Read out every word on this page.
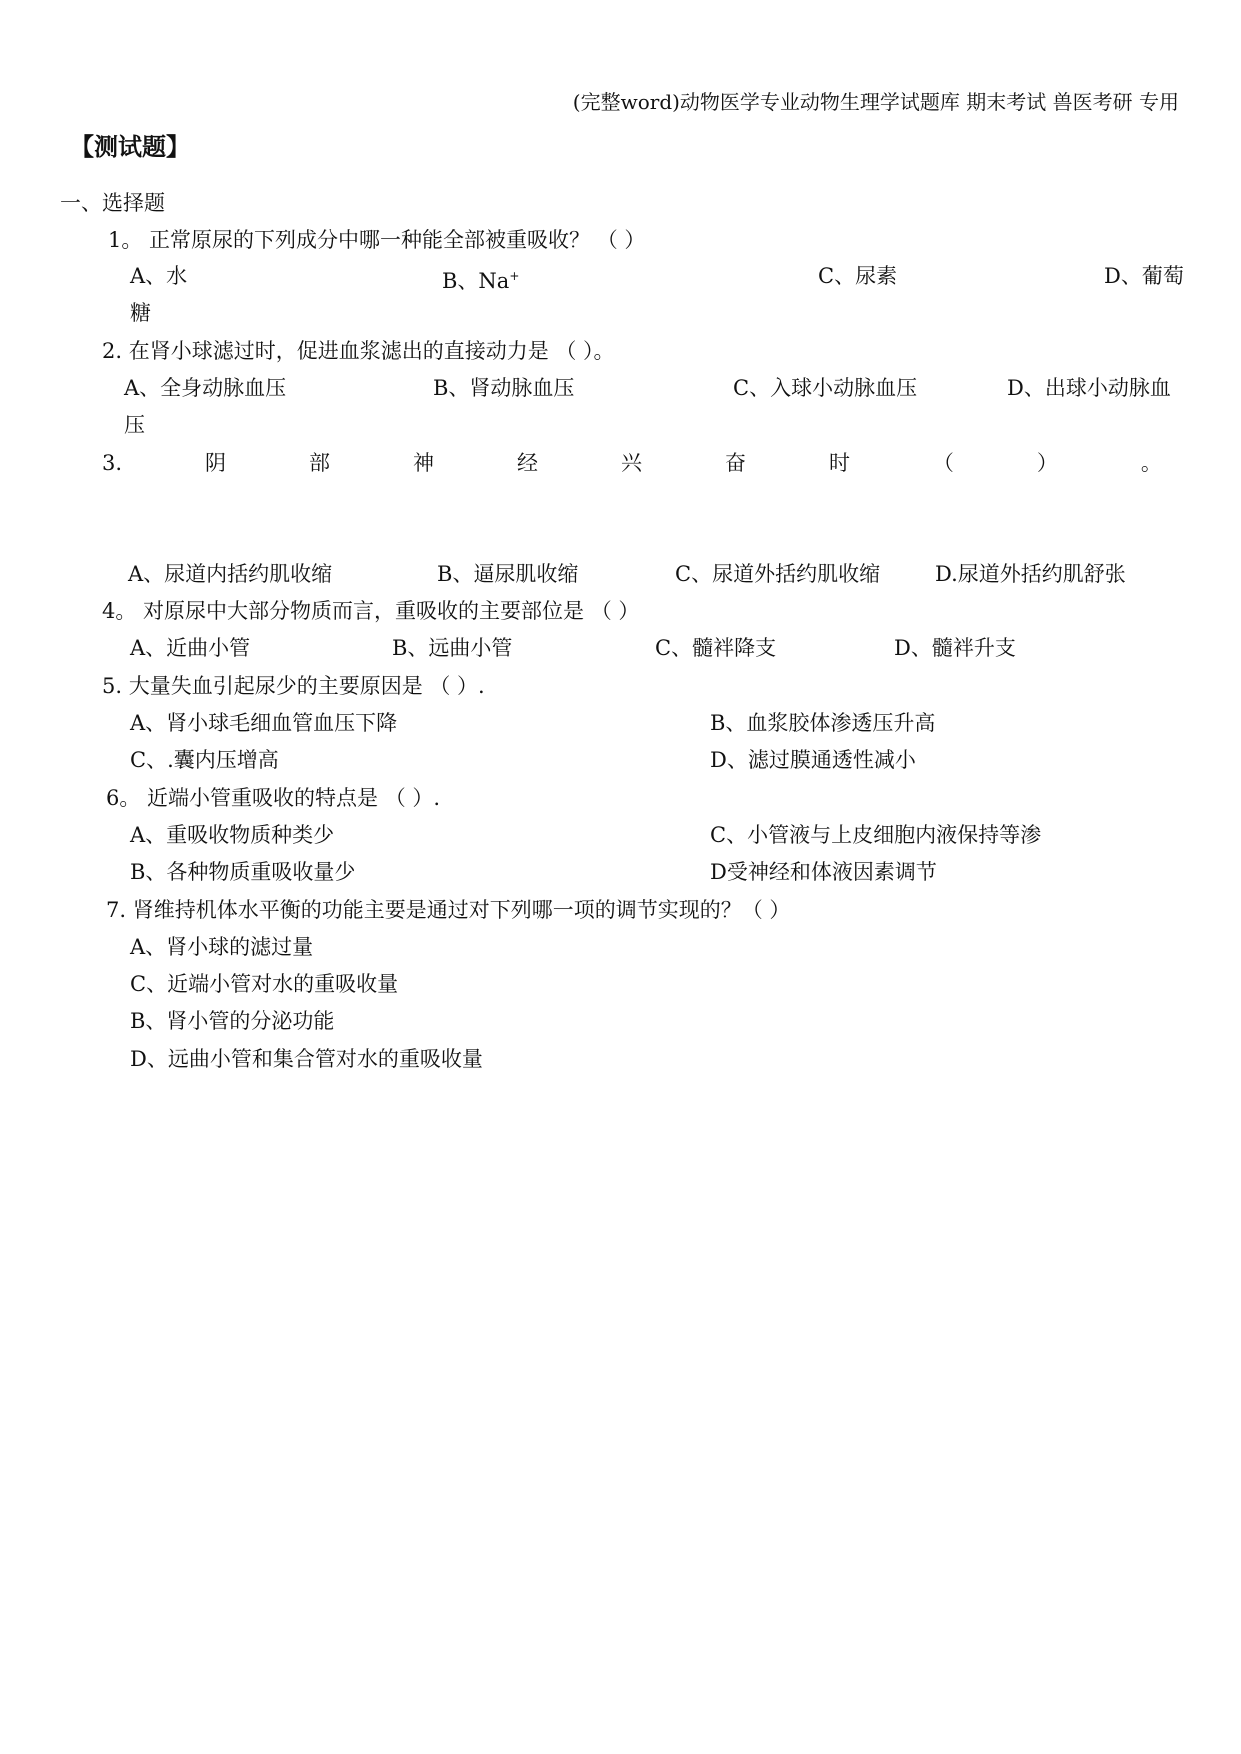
(完整word)动物医学专业动物生理学试题库 期末考试 兽医考研 专用
【测试题】
一、选择题
1。 正常原尿的下列成分中哪一种能全部被重吸收？ （ ）
A、水	B、Na+	C、尿素	D、葡萄
糖
2. 在肾小球滤过时，促进血浆滤出的直接动力是 （ ）。
A、全身动脉血压	B、肾动脉血压	C、入球小动脉血压	D、出球小动脉血
压
3.	阴	部	神	经	兴	奋	时	（	）	。
A、尿道内括约肌收缩	B、逼尿肌收缩	C、尿道外括约肌收缩	D.尿道外括约肌舒张
4。 对原尿中大部分物质而言，重吸收的主要部位是 （ ）
A、近曲小管	B、远曲小管	C、髓袢降支	D、髓袢升支
5. 大量失血引起尿少的主要原因是 （ ）.
A、肾小球毛细血管血压下降	B、血浆胶体渗透压升高
C、.囊内压增高	D、滤过膜通透性减小
6。 近端小管重吸收的特点是 （ ）.
A、重吸收物质种类少	C、小管液与上皮细胞内液保持等渗
B、各种物质重吸收量少	D受神经和体液因素调节
7. 肾维持机体水平衡的功能主要是通过对下列哪一项的调节实现的？（ ）
A、肾小球的滤过量
C、近端小管对水的重吸收量
B、肾小管的分泌功能
D、远曲小管和集合管对水的重吸收量
